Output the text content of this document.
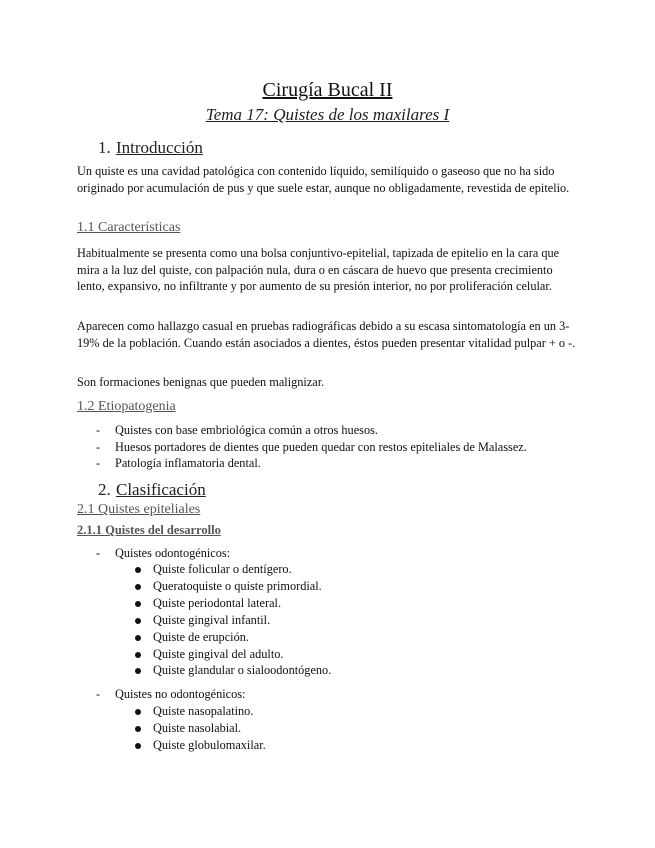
Cirugía Bucal II
Tema 17: Quistes de los maxilares I
1. Introducción

Un quiste es una cavidad patológica con contenido líquido, semilíquido o gaseoso que no ha sido originado por acumulación de pus y que suele estar, aunque no obligadamente, revestida de epitelio.

1.1 Características

Habitualmente se presenta como una bolsa conjuntivo-epitelial, tapizada de epitelio en la cara que mira a la luz del quiste, con palpación nula, dura o en cáscara de huevo que presenta crecimiento lento, expansivo, no infiltrante y por aumento de su presión interior, no por proliferación celular.

Aparecen como hallazgo casual en pruebas radiográficas debido a su escasa sintomatología en un 3-19% de la población. Cuando están asociados a dientes, éstos pueden presentar vitalidad pulpar + o -.

Son formaciones benignas que pueden malignizar.

1.2 Etiopatogenia
- Quistes con base embriológica común a otros huesos.
- Huesos portadores de dientes que pueden quedar con restos epiteliales de Malassez.
- Patología inflamatoria dental.
2. Clasificación
2.1 Quistes epiteliales
2.1.1 Quistes del desarrollo
- Quistes odontogénicos:
Quiste folicular o dentígero.
Queratoquiste o quiste primordial.
Quiste periodontal lateral.
Quiste gingival infantil.
Quiste de erupción.
Quiste gingival del adulto.
Quiste glandular o sialoodontógeno.
- Quistes no odontogénicos:
Quiste nasopalatino.
Quiste nasolabial.
Quiste globulomaxilar.
